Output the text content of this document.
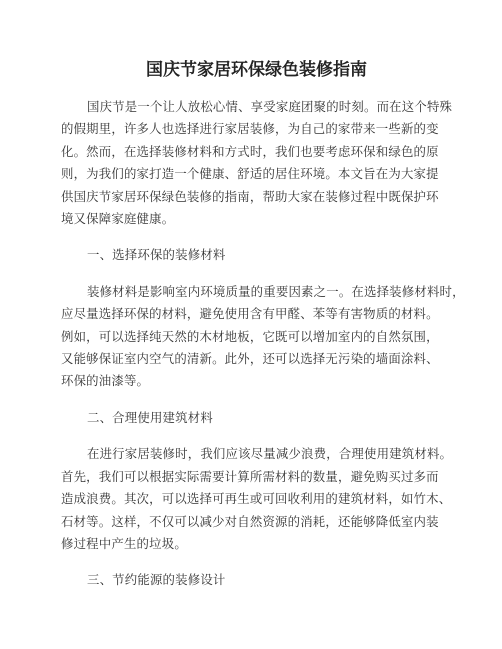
国庆节家居环保绿色装修指南
国庆节是一个让人放松心情、享受家庭团聚的时刻。而在这个特殊
的假期里，许多人也选择进行家居装修，为自己的家带来一些新的变
化。然而，在选择装修材料和方式时，我们也要考虑环保和绿色的原
则，为我们的家打造一个健康、舒适的居住环境。本文旨在为大家提
供国庆节家居环保绿色装修的指南，帮助大家在装修过程中既保护环
境又保障家庭健康。
一、选择环保的装修材料
装修材料是影响室内环境质量的重要因素之一。在选择装修材料时，
应尽量选择环保的材料，避免使用含有甲醛、苯等有害物质的材料。
例如，可以选择纯天然的木材地板，它既可以增加室内的自然氛围，
又能够保证室内空气的清新。此外，还可以选择无污染的墙面涂料、
环保的油漆等。
二、合理使用建筑材料
在进行家居装修时，我们应该尽量减少浪费，合理使用建筑材料。
首先，我们可以根据实际需要计算所需材料的数量，避免购买过多而
造成浪费。其次，可以选择可再生或可回收利用的建筑材料，如竹木、
石材等。这样，不仅可以减少对自然资源的消耗，还能够降低室内装
修过程中产生的垃圾。
三、节约能源的装修设计
